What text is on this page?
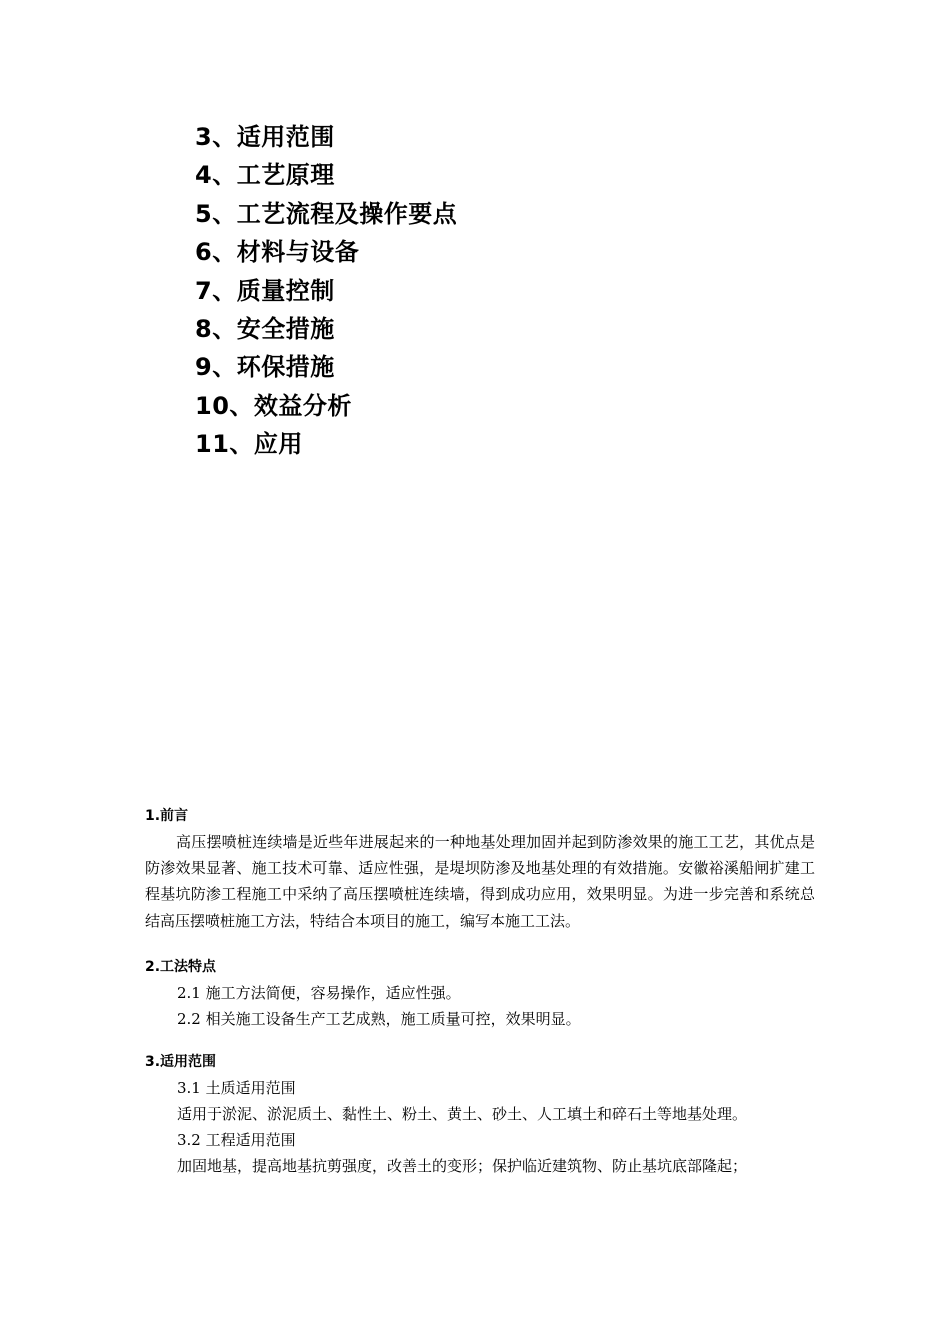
3、适用范围
4、工艺原理
5、工艺流程及操作要点
6、材料与设备
7、质量控制
8、安全措施
9、环保措施
10、效益分析
11、应用

1.前言

高压摆喷桩连续墙是近些年进展起来的一种地基处理加固并起到防渗效果的施工工艺，其优点是防渗效果显著、施工技术可靠、适应性强，是堤坝防渗及地基处理的有效措施。安徽裕溪船闸扩建工程基坑防渗工程施工中采纳了高压摆喷桩连续墙，得到成功应用，效果明显。为进一步完善和系统总结高压摆喷桩施工方法，特结合本项目的施工，编写本施工工法。

2.工法特点

2.1 施工方法简便，容易操作，适应性强。

2.2 相关施工设备生产工艺成熟，施工质量可控，效果明显。

3.适用范围

3.1 土质适用范围

适用于淤泥、淤泥质土、黏性土、粉土、黄土、砂土、人工填土和碎石土等地基处理。

3.2 工程适用范围

加固地基，提高地基抗剪强度，改善土的变形；保护临近建筑物、防止基坑底部隆起；
